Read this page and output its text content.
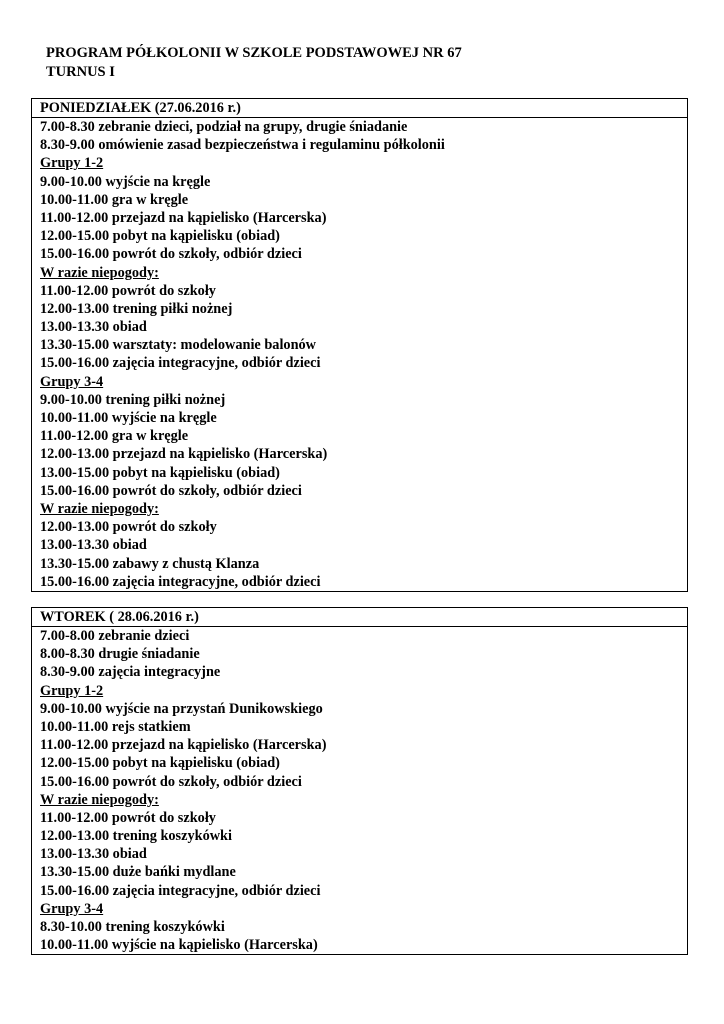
PROGRAM PÓŁKOLONII W SZKOLE PODSTAWOWEJ NR 67
TURNUS I
PONIEDZIAŁEK (27.06.2016 r.)
7.00-8.30 zebranie dzieci, podział na grupy, drugie śniadanie
8.30-9.00 omówienie zasad bezpieczeństwa i regulaminu półkolonii
Grupy 1-2
9.00-10.00 wyjście na kręgle
10.00-11.00 gra w kręgle
11.00-12.00 przejazd na kąpielisko (Harcerska)
12.00-15.00 pobyt na kąpielisku (obiad)
15.00-16.00 powrót do szkoły, odbiór dzieci
W razie niepogody:
11.00-12.00 powrót do szkoły
12.00-13.00 trening piłki nożnej
13.00-13.30 obiad
13.30-15.00 warsztaty: modelowanie balonów
15.00-16.00 zajęcia integracyjne, odbiór dzieci
Grupy 3-4
9.00-10.00 trening piłki nożnej
10.00-11.00 wyjście na kręgle
11.00-12.00 gra w kręgle
12.00-13.00 przejazd na kąpielisko (Harcerska)
13.00-15.00 pobyt na kąpielisku (obiad)
15.00-16.00 powrót do szkoły, odbiór dzieci
W razie niepogody:
12.00-13.00 powrót do szkoły
13.00-13.30 obiad
13.30-15.00 zabawy z chustą Klanza
15.00-16.00 zajęcia integracyjne, odbiór dzieci
WTOREK ( 28.06.2016 r.)
7.00-8.00 zebranie dzieci
8.00-8.30 drugie śniadanie
8.30-9.00 zajęcia integracyjne
Grupy 1-2
9.00-10.00 wyjście na przystań Dunikowskiego
10.00-11.00 rejs statkiem
11.00-12.00 przejazd na kąpielisko (Harcerska)
12.00-15.00 pobyt na kąpielisku (obiad)
15.00-16.00 powrót do szkoły, odbiór dzieci
W razie niepogody:
11.00-12.00 powrót do szkoły
12.00-13.00 trening koszykówki
13.00-13.30 obiad
13.30-15.00 duże bańki mydlane
15.00-16.00 zajęcia integracyjne, odbiór dzieci
Grupy 3-4
8.30-10.00 trening koszykówki
10.00-11.00 wyjście na kąpielisko (Harcerska)
